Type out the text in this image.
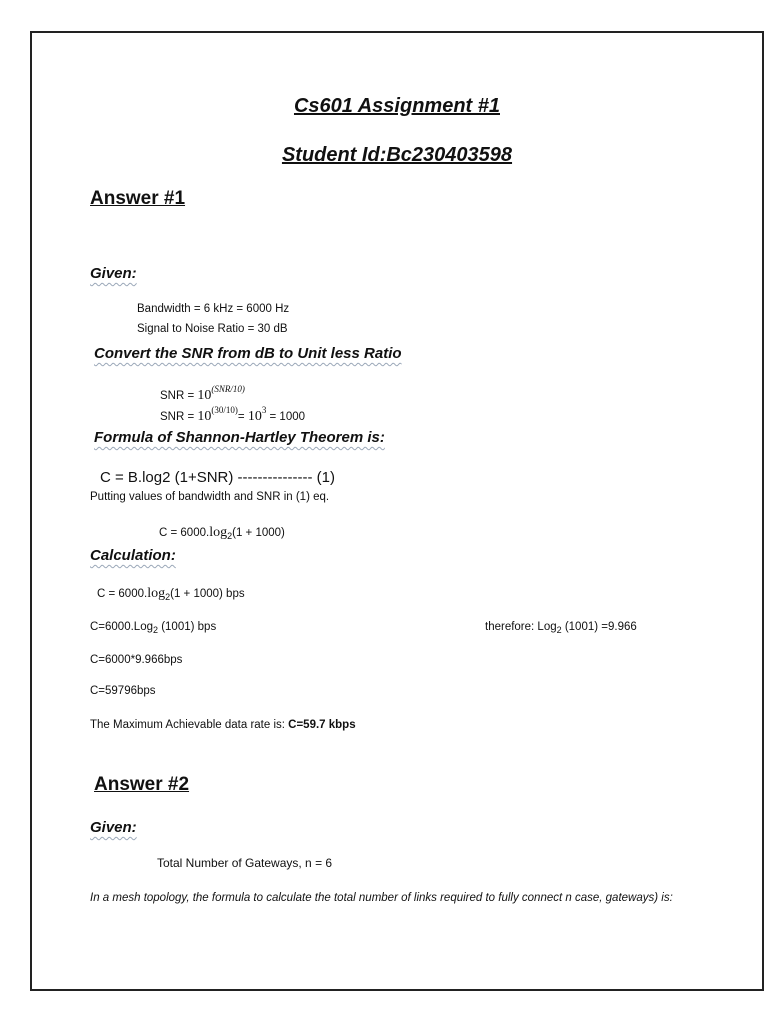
Cs601 Assignment #1
Student Id:Bc230403598
Answer #1
Given:
Bandwidth = 6 kHz = 6000 Hz
Signal to Noise Ratio = 30 dB
Convert the SNR from dB to Unit less Ratio
SNR = $10^{(SNR/10)}$
SNR = $10^{(30/10)}= 10^3 = 1000$
Formula of Shannon-Hartley Theorem is:
C = B.log2 (1+SNR) --------------- (1)
Putting values of bandwidth and SNR in (1) eq.
$C = 6000.\log_2(1 + 1000)$
Calculation:
$C = 6000.\log_2(1 + 1000)$ bps
C=6000.Log$_2$ (1001) bps	therefore: Log$_2$ (1001) =9.966
C=6000*9.966bps
C=59796bps
The Maximum Achievable data rate is: C=59.7 kbps
Answer #2
Given:
Total Number of Gateways, n = 6
In a mesh topology, the formula to calculate the total number of links required to fully connect n case, gateways) is:
